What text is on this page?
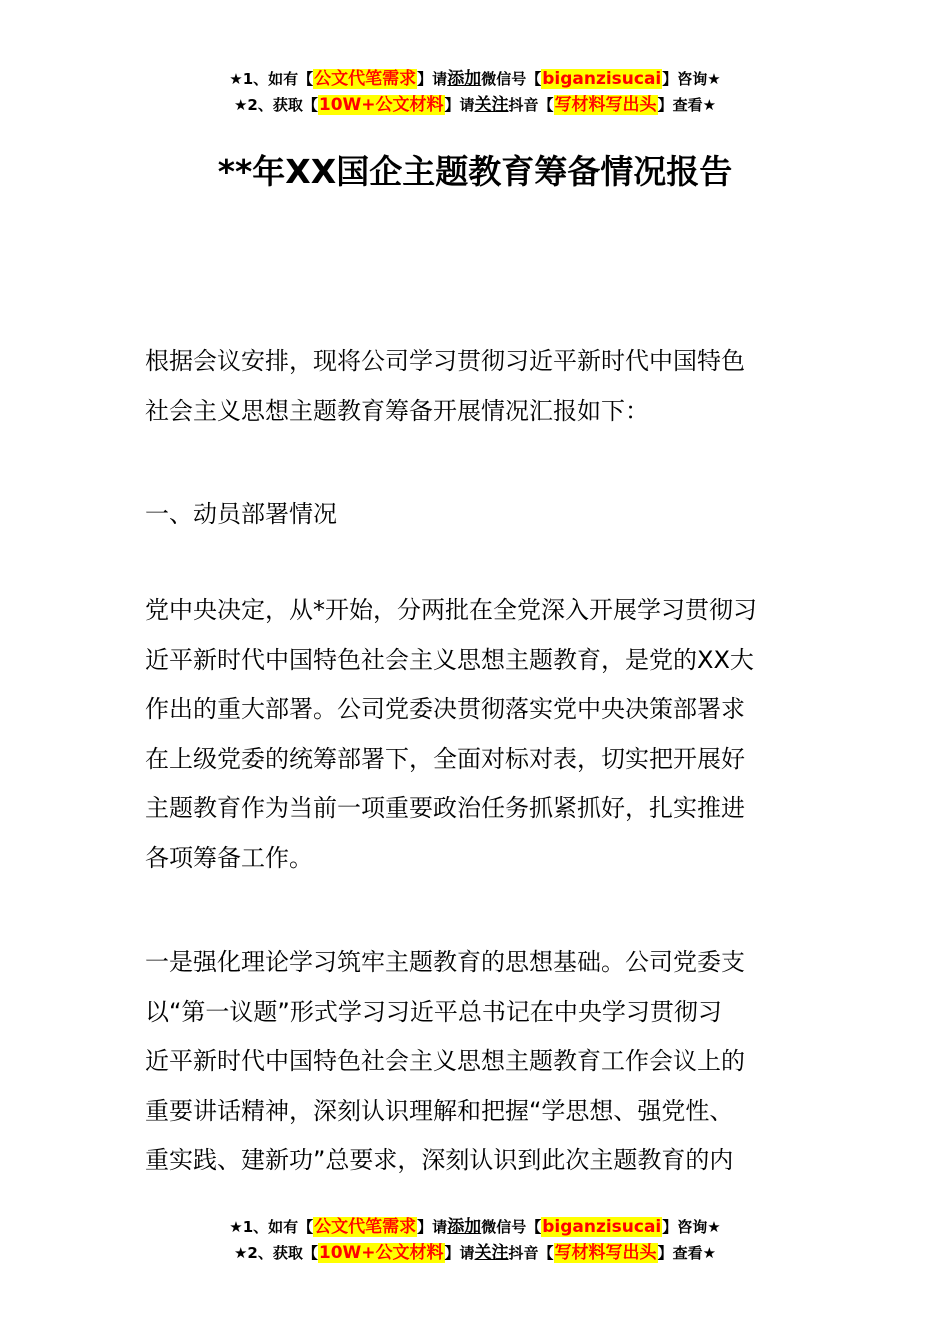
★1、如有【公文代笔需求】请添加微信号【biganzisucai】咨询★
★2、获取【10W+公文材料】请关注抖音【写材料写出头】查看★
**年XX国企主题教育筹备情况报告
根据会议安排，现将公司学习贯彻习近平新时代中国特色
社会主义思想主题教育筹备开展情况汇报如下：
一、动员部署情况
党中央决定，从*开始，分两批在全党深入开展学习贯彻习
近平新时代中国特色社会主义思想主题教育，是党的XX大
作出的重大部署。公司党委决贯彻落实党中央决策部署求
在上级党委的统筹部署下，全面对标对表，切实把开展好
主题教育作为当前一项重要政治任务抓紧抓好，扎实推进
各项筹备工作。
一是强化理论学习筑牢主题教育的思想基础。公司党委支
以“第一议题”形式学习习近平总书记在中央学习贯彻习
近平新时代中国特色社会主义思想主题教育工作会议上的
重要讲话精神，深刻认识理解和把握“学思想、强党性、
重实践、建新功”总要求，深刻认识到此次主题教育的内
★1、如有【公文代笔需求】请添加微信号【biganzisucai】咨询★
★2、获取【10W+公文材料】请关注抖音【写材料写出头】查看★
